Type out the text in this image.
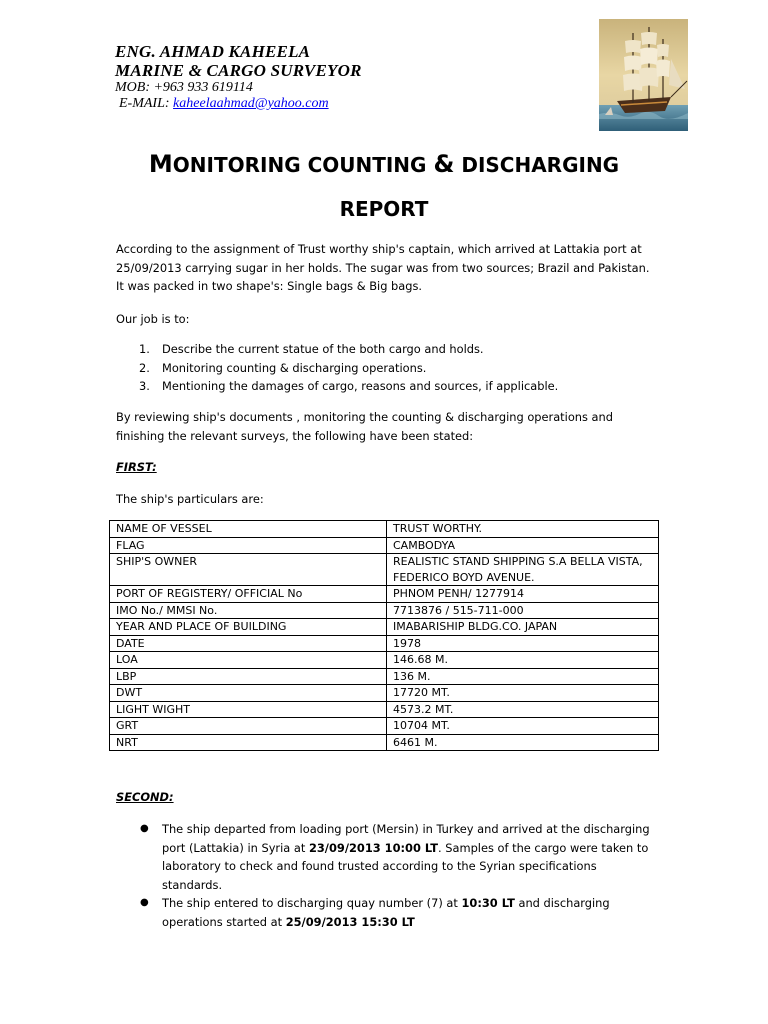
ENG. AHMAD KAHEELA
MARINE & CARGO SURVEYOR
MOB: +963 933 619114
E-MAIL: kaheelaahmad@yahoo.com
MONITORING COUNTING & DISCHARGING
REPORT

According to the assignment of Trust worthy ship's captain, which arrived at Lattakia port at 25/09/2013 carrying sugar in her holds. The sugar was from two sources; Brazil and Pakistan. It was packed in two shape's: Single bags & Big bags.

Our job is to:
1.	Describe the current statue of the both cargo and holds.
2.	Monitoring counting & discharging operations.
3.	Mentioning the damages of cargo, reasons and sources, if applicable.

By reviewing ship's documents , monitoring the counting & discharging operations and finishing the relevant surveys, the following have been stated:

FIRST:
The ship's particulars are:
NAME OF VESSEL	TRUST WORTHY.
FLAG	CAMBODYA
SHIP'S OWNER	REALISTIC STAND SHIPPING S.A BELLA VISTA, FEDERICO BOYD AVENUE.
PORT OF REGISTERY/ OFFICIAL No	PHNOM PENH/ 1277914
IMO No./ MMSI No.	7713876 / 515-711-000
YEAR AND PLACE OF BUILDING	IMABARISHIP BLDG.CO. JAPAN
DATE	1978
LOA	146.68 M.
LBP	136 M.
DWT	17720 MT.
LIGHT WIGHT	4573.2 MT.
GRT	10704 MT.
NRT	6461 M.
SECOND:
●	The ship departed from loading port (Mersin) in Turkey and arrived at the discharging port (Lattakia) in Syria at 23/09/2013 10:00 LT. Samples of the cargo were taken to laboratory to check and found trusted according to the Syrian specifications standards.
●	The ship entered to discharging quay number (7) at 10:30 LT and discharging operations started at 25/09/2013 15:30 LT
